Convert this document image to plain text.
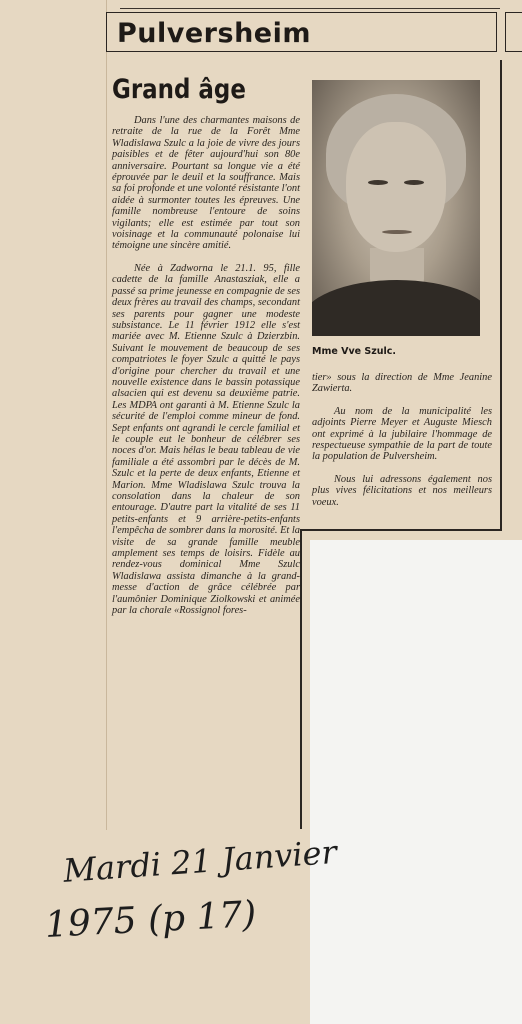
Pulversheim
Grand âge

Dans l'une des charmantes maisons de retraite de la rue de la Forêt Mme Wladislawa Szulc a la joie de vivre des jours paisibles et de fêter aujourd'hui son 80e anniversaire. Pourtant sa longue vie a été éprouvée par le deuil et la souffrance. Mais sa foi profonde et une volonté résistante l'ont aidée à surmonter toutes les épreuves. Une famille nombreuse l'entoure de soins vigilants; elle est estimée par tout son voisinage et la communauté polonaise lui témoigne une sincère amitié.

Née à Zadworna le 21.1. 95, fille cadette de la famille Anastasziak, elle a passé sa prime jeunesse en compagnie de ses deux frères au travail des champs, secondant ses parents pour gagner une modeste subsistance. Le 11 février 1912 elle s'est mariée avec M. Etienne Szulc à Dzierzbin. Suivant le mouvement de beaucoup de ses compatriotes le foyer Szulc a quitté le pays d'origine pour chercher du travail et une nouvelle existence dans le bassin potassique alsacien qui est devenu sa deuxième patrie. Les MDPA ont garanti à M. Etienne Szulc la sécurité de l'emploi comme mineur de fond. Sept enfants ont agrandi le cercle familial et le couple eut le bonheur de célébrer ses noces d'or. Mais hélas le beau tableau de vie familiale a été assombri par le décès de M. Szulc et la perte de deux enfants, Etienne et Marion. Mme Wladislawa Szulc trouva la consolation dans la chaleur de son entourage. D'autre part la vitalité de ses 11 petits-enfants et 9 arrière-petits-enfants l'empêcha de sombrer dans la morosité. Et la visite de sa grande famille meuble amplement ses temps de loisirs. Fidèle au rendez-vous dominical Mme Szulc Wladislawa assista dimanche à la grand-messe d'action de grâce célébrée par l'aumônier Dominique Ziolkowski et animée par la chorale «Rossignol fores-

Mme Vve Szulc.

tier» sous la direction de Mme Jeanine Zawierta.

Au nom de la municipalité les adjoints Pierre Meyer et Auguste Miesch ont exprimé à la jubilaire l'hommage de respectueuse sympathie de la part de toute la population de Pulversheim.

Nous lui adressons également nos plus vives félicitations et nos meilleurs voeux.

Mardi 21 Janvier
1975 (p 17)
